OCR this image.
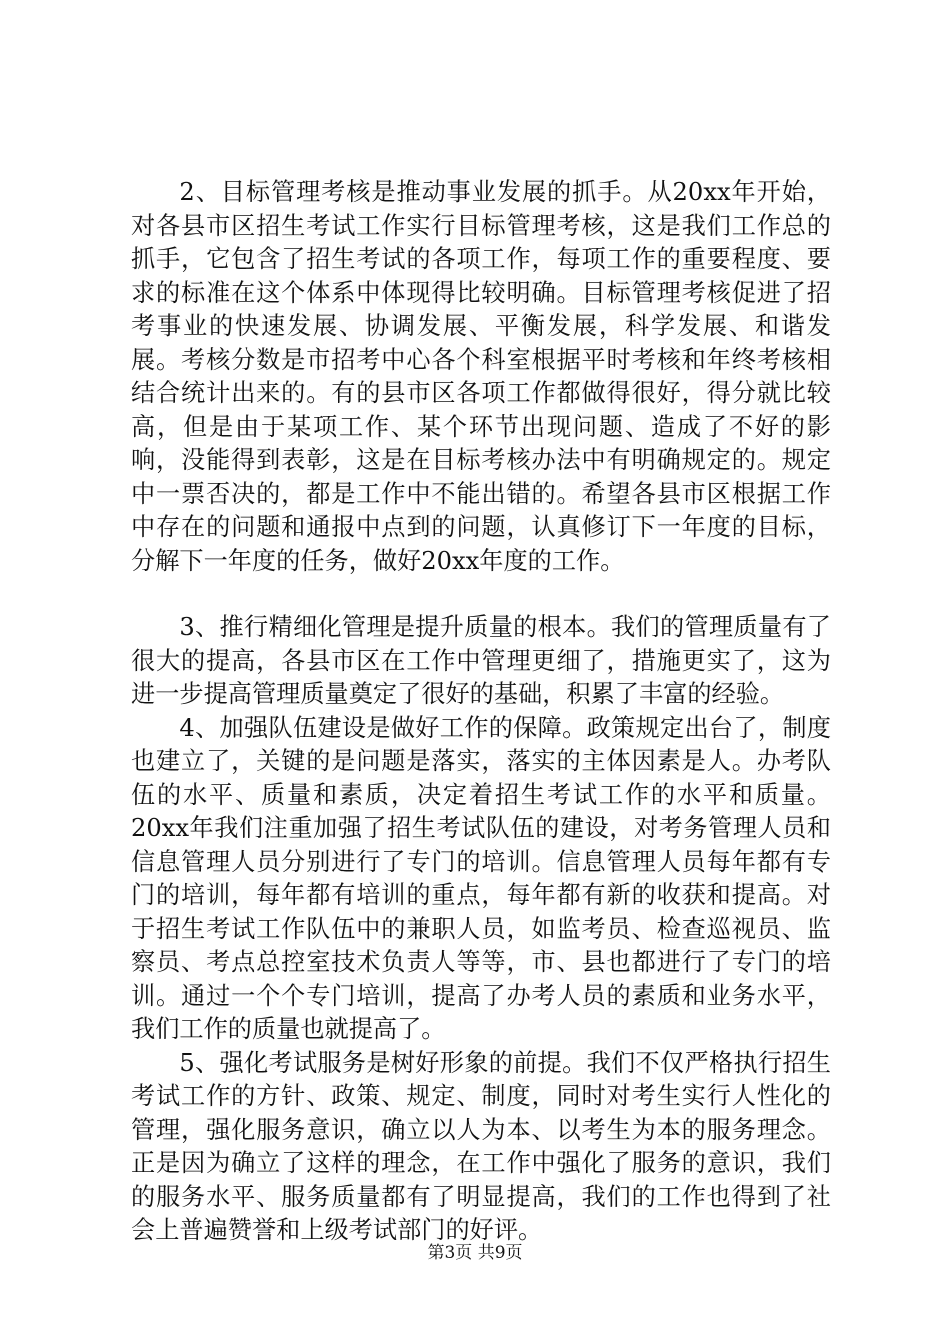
2、目标管理考核是推动事业发展的抓手。从20xx年开始，对各县市区招生考试工作实行目标管理考核，这是我们工作总的抓手，它包含了招生考试的各项工作，每项工作的重要程度、要求的标准在这个体系中体现得比较明确。目标管理考核促进了招考事业的快速发展、协调发展、平衡发展，科学发展、和谐发展。考核分数是市招考中心各个科室根据平时考核和年终考核相结合统计出来的。有的县市区各项工作都做得很好，得分就比较高，但是由于某项工作、某个环节出现问题、造成了不好的影响，没能得到表彰，这是在目标考核办法中有明确规定的。规定中一票否决的，都是工作中不能出错的。希望各县市区根据工作中存在的问题和通报中点到的问题，认真修订下一年度的目标，分解下一年度的任务，做好20xx年度的工作。

3、推行精细化管理是提升质量的根本。我们的管理质量有了很大的提高，各县市区在工作中管理更细了，措施更实了，这为进一步提高管理质量奠定了很好的基础，积累了丰富的经验。

4、加强队伍建设是做好工作的保障。政策规定出台了，制度也建立了，关键的是问题是落实，落实的主体因素是人。办考队伍的水平、质量和素质，决定着招生考试工作的水平和质量。20xx年我们注重加强了招生考试队伍的建设，对考务管理人员和信息管理人员分别进行了专门的培训。信息管理人员每年都有专门的培训，每年都有培训的重点，每年都有新的收获和提高。对于招生考试工作队伍中的兼职人员，如监考员、检查巡视员、监察员、考点总控室技术负责人等等，市、县也都进行了专门的培训。通过一个个专门培训，提高了办考人员的素质和业务水平，我们工作的质量也就提高了。

5、强化考试服务是树好形象的前提。我们不仅严格执行招生考试工作的方针、政策、规定、制度，同时对考生实行人性化的管理，强化服务意识，确立以人为本、以考生为本的服务理念。正是因为确立了这样的理念，在工作中强化了服务的意识，我们的服务水平、服务质量都有了明显提高，我们的工作也得到了社会上普遍赞誉和上级考试部门的好评。

第3页 共9页
